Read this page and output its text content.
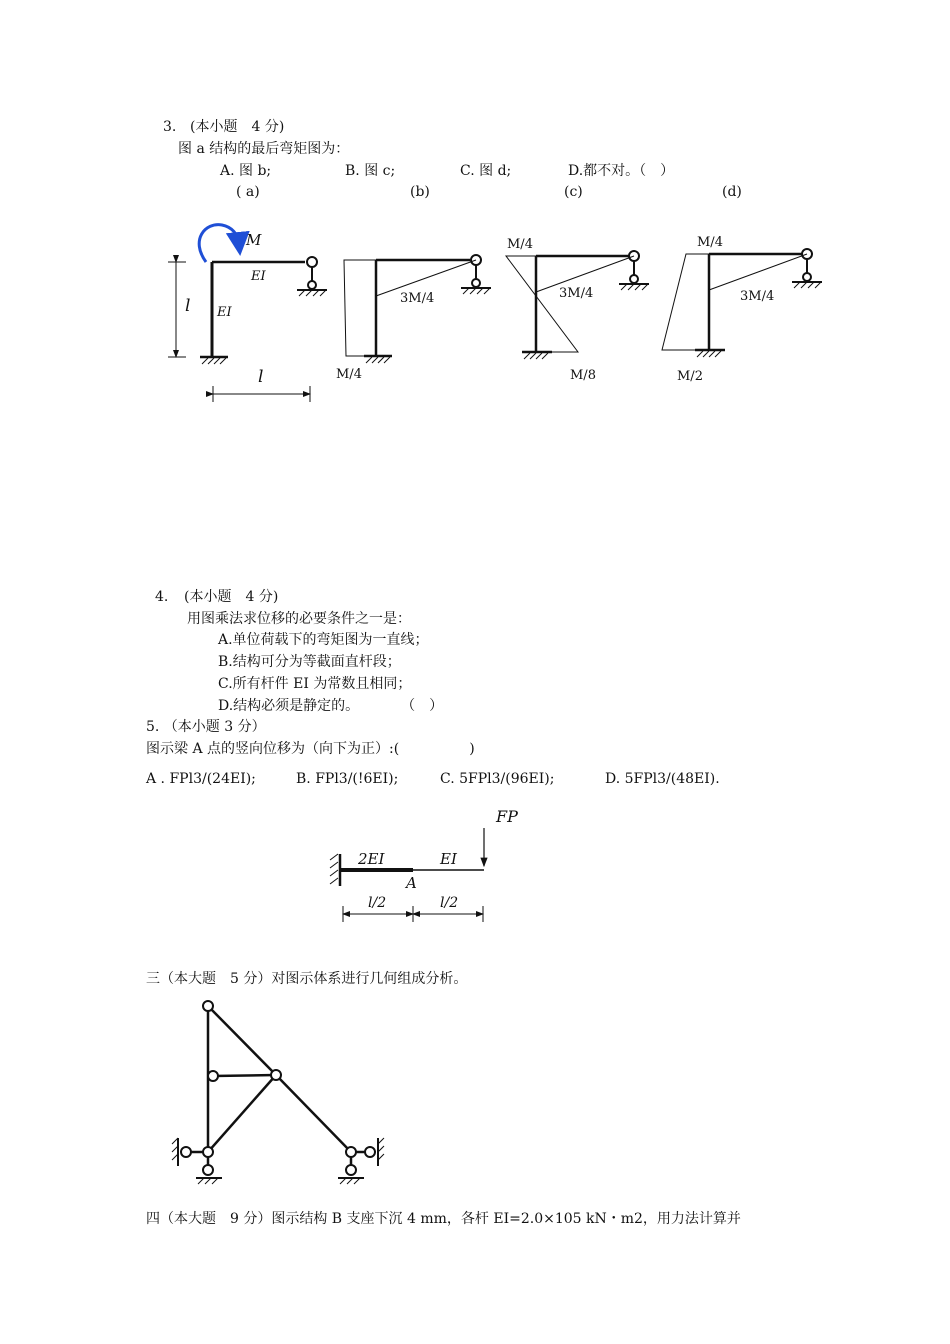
3. (本小题　4 分)
图 a 结构的最后弯矩图为：
A. 图 b;	B. 图 c;	C. 图 d;	D.都不对。（　）
( a)	(b)	(c)	(d)
M
EI
EI
l
l
3M/4
M/4
M/4
3M/4
M/8
M/4
3M/4
M/2
4. (本小题　4 分)
用图乘法求位移的必要条件之一是：
A.单位荷载下的弯矩图为一直线；
B.结构可分为等截面直杆段；
C.所有杆件 EI 为常数且相同；
D.结构必须是静定的。　　　　（　）
5. （本小题 3 分）
图示梁 A 点的竖向位移为（向下为正）:(　　　　　)
A . FPl3/(24EI);	B. FPl3/(!6EI);	C. 5FPl3/(96EI);	D. 5FPl3/(48EI).
FP
2EI	EI
A
l/2	l/2
三（本大题　5 分）对图示体系进行几何组成分析。
四（本大题　9 分）图示结构 B 支座下沉 4 mm，各杆 EI=2.0×105 kN・m2，用力法计算并
